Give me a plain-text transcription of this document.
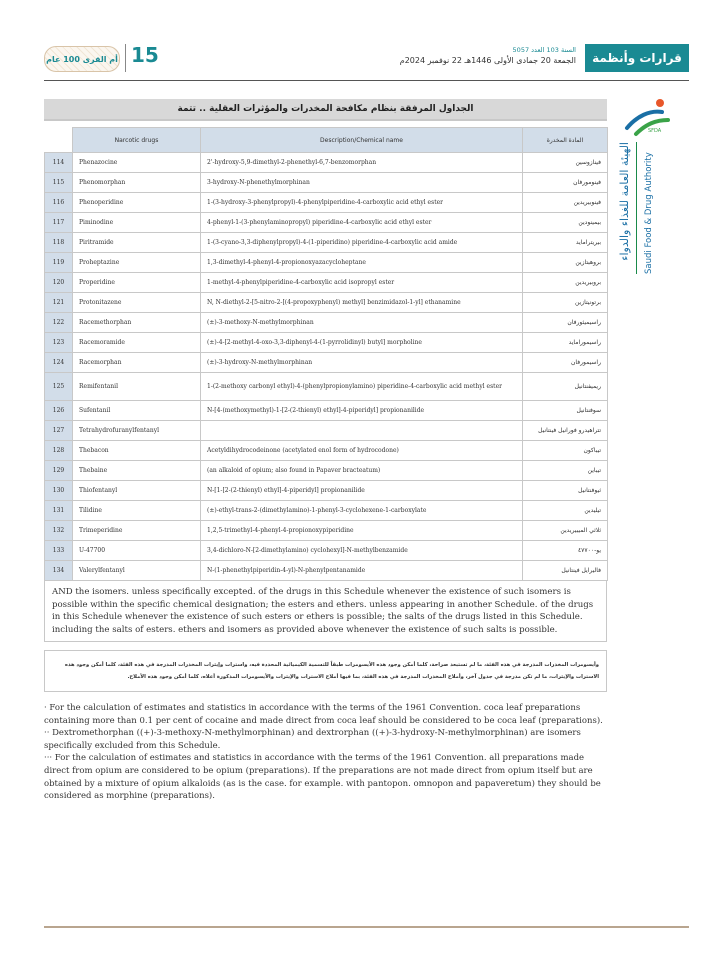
أم القرى 100 عام 15	السنة 103 العدد 5057
الجمعة 20 جمادى الأولى 1446هـ 22 نوفمبر 2024م	قرارات وأنظمة
SFDA
الهيئة العامة للغذاء والدواء	Saudi Food & Drug Authority
الجداول المرفقة بنظام مكافحة المخدرات والمؤثرات العقلية .. تتمة
	Narcotic drugs	Description/Chemical name	المادة المخدرة
114	Phenazocine	2'-hydroxy-5,9-dimethyl-2-phenethyl-6,7-benzomorphan	فينازوسين
115	Phenomorphan	3-hydroxy-N-phenethylmorphinan	فينومورفان
116	Phenoperidine	1-(3-hydroxy-3-phenylpropyl)-4-phenylpiperidine-4-carboxylic acid ethyl ester	فينوبيريدين
117	Piminodine	4-phenyl-1-(3-phenylaminopropyl) piperidine-4-carboxylic acid ethyl ester	بيمينودين
118	Piritramide	1-(3-cyano-3,3-diphenylpropyl)-4-(1-piperidino) piperidine-4-carboxylic acid amide	بيريترامايد
119	Proheptazine	1,3-dimethyl-4-phenyl-4-propionoxyazacycloheptane	بروهبتازين
120	Properidine	1-methyl-4-phenylpiperidine-4-carboxylic acid isopropyl ester	بروبيريدين
121	Protonitazene	N, N-diethyl-2-[5-nitro-2-[(4-propoxyphenyl) methyl] benzimidazol-1-yl] ethanamine	برتونيتازين
122	Racemethorphan	(±)-3-methoxy-N-methylmorphinan	راسيميثورفان
123	Racemoramide	(±)-4-[2-methyl-4-oxo-3,3-diphenyl-4-(1-pyrrolidinyl) butyl] morpholine	راسيمورامايد
124	Racemorphan	(±)-3-hydroxy-N-methylmorphinan	راسيمورفان
125	Remifentanil	1-(2-methoxy carbonyl ethyl)-4-(phenylpropionylamino) piperidine-4-carboxylic acid methyl ester	ريميفنتانيل
126	Sufentanil	N-[4-(methoxymethyl)-1-[2-(2-thienyl) ethyl]-4-piperidyl] propionanilide	سوفنتانيل
127	Tetrahydrofuranylfentanyl		تتراهيدرو فورانيل فينتانيل
128	Thebacon	Acetyldihydrocodeinone (acetylated enol form of hydrocodone)	تيباكون
129	Thebaine	(an alkaloid of opium; also found in Papaver bracteatum)	تيباين
130	Thiofentanyl	N-[1-[2-(2-thienyl) ethyl]-4-piperidyl] propionanilide	ثيوفنتانيل
131	Tilidine	(±)-ethyl-trans-2-(dimethylamino)-1-phenyl-3-cyclohexene-1-carboxylate	تيليدين
132	Trimeperidine	1,2,5-trimethyl-4-phenyl-4-propionoxypiperidine	ثلاثي الميبيريدين
133	U-47700	3,4-dichloro-N-[2-dimethylamino) cyclohexyl]-N-methylbenzamide	يو-٤٧٧٠٠
134	Valerylfentanyl	N-(1-phenethylpiperidin-4-yl)-N-phenylpentanamide	فاليرايل فينتانيل
AND the isomers. unless specifically excepted. of the drugs in this Schedule whenever the existence of such isomers is possible within the specific chemical designation; the esters and ethers. unless appearing in another Schedule. of the drugs in this Schedule whenever the existence of such esters or ethers is possible; the salts of the drugs listed in this Schedule. including the salts of esters. ethers and isomers as provided above whenever the existence of such salts is possible.
وأيسومرات المخدرات المدرجة في هذه الفئة، ما لم تستبعد صراحة، كلما أمكن وجود هذه الأيسومرات طبقاً للتسمية الكيميائية المحددة فيه، واسترات وإيثرات المخدرات المدرجة في هذه الفئة، كلما أمكن وجود هذه الاسترات والإيثرات، ما لم تكن مدرجة في جدول آخر، وأملاح المخدرات المدرجة في هذه الفئة، بما فيها أملاح الاسترات والإيثرات والأيسومرات المذكورة أعلاه، كلما أمكن وجود هذه الأملاح.

· For the calculation of estimates and statistics in accordance with the terms of the 1961 Convention. coca leaf preparations containing more than 0.1 per cent of cocaine and made direct from coca leaf should be considered to be coca leaf (preparations).

·· Dextromethorphan ((+)-3-methoxy-N-methylmorphinan) and dextrorphan ((+)-3-hydroxy-N-methylmorphinan) are isomers specifically excluded from this Schedule.

··· For the calculation of estimates and statistics in accordance with the terms of the 1961 Convention. all preparations made direct from opium are considered to be opium (preparations). If the preparations are not made direct from opium itself but are obtained by a mixture of opium alkaloids (as is the case. for example. with pantopon. omnopon and papaveretum) they should be considered as morphine (preparations).
